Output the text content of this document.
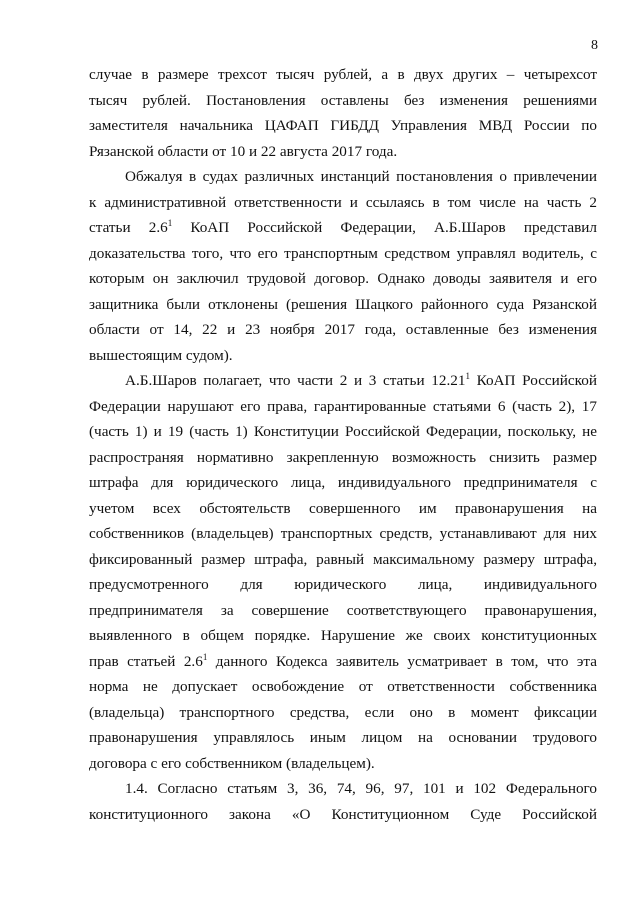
8
случае в размере трехсот тысяч рублей, а в двух других – четырехсот
тысяч рублей. Постановления оставлены без изменения решениями
заместителя начальника ЦАФАП ГИБДД Управления МВД России по
Рязанской области от 10 и 22 августа 2017 года.
Обжалуя в судах различных инстанций постановления о привлечении
к административной ответственности и ссылаясь в том числе на часть 2
статьи $2.6^1$ КоАП Российской Федерации, А.Б.Шаров представил
доказательства того, что его транспортным средством управлял водитель, с
которым он заключил трудовой договор. Однако доводы заявителя и его
защитника были отклонены (решения Шацкого районного суда Рязанской
области от 14, 22 и 23 ноября 2017 года, оставленные без изменения
вышестоящим судом).
А.Б.Шаров полагает, что части 2 и 3 статьи 12.21$^1$ КоАП Российской
Федерации нарушают его права, гарантированные статьями 6 (часть 2), 17
(часть 1) и 19 (часть 1) Конституции Российской Федерации, поскольку, не
распространяя нормативно закрепленную возможность снизить размер
штрафа для юридического лица, индивидуального предпринимателя с
учетом всех обстоятельств совершенного им правонарушения на
собственников (владельцев) транспортных средств, устанавливают для них
фиксированный размер штрафа, равный максимальному размеру штрафа,
предусмотренного для юридического лица, индивидуального
предпринимателя за совершение соответствующего правонарушения,
выявленного в общем порядке. Нарушение же своих конституционных
прав статьей $2.6^1$ данного Кодекса заявитель усматривает в том, что эта
норма не допускает освобождение от ответственности собственника
(владельца) транспортного средства, если оно в момент фиксации
правонарушения управлялось иным лицом на основании трудового
договора с его собственником (владельцем).
1.4. Согласно статьям 3, 36, 74, 96, 97, 101 и 102 Федерального
конституционного закона «О Конституционном Суде Российской
